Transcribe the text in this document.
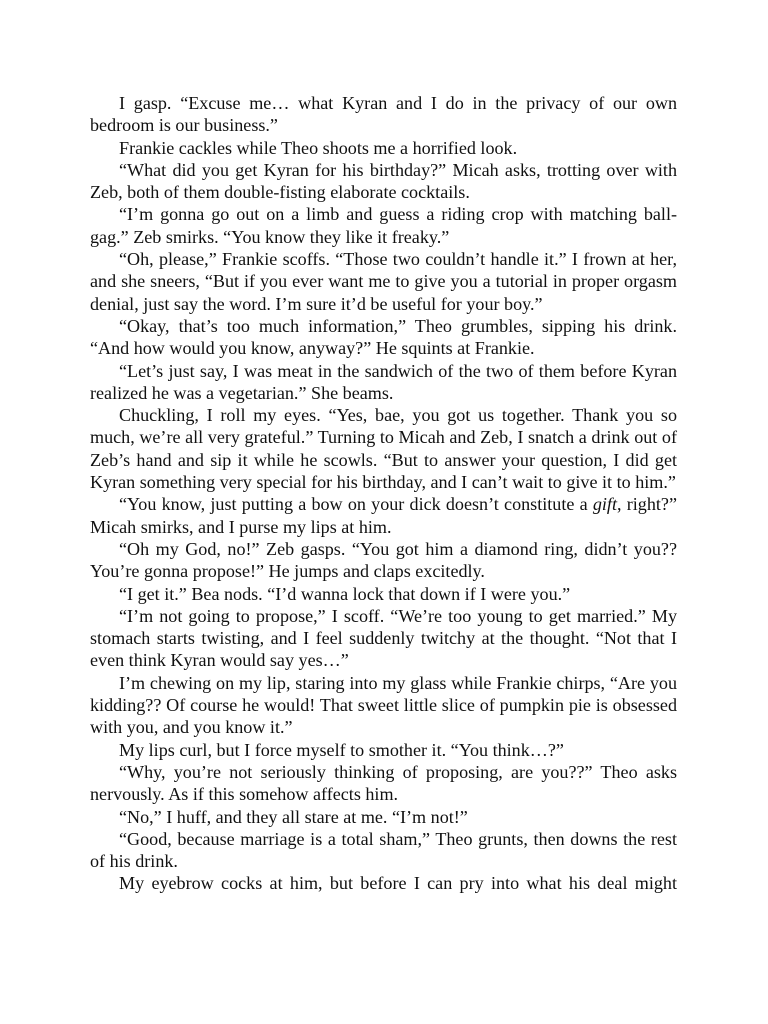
I gasp. “Excuse me… what Kyran and I do in the privacy of our own bedroom is our business.”

Frankie cackles while Theo shoots me a horrified look.

“What did you get Kyran for his birthday?” Micah asks, trotting over with Zeb, both of them double-fisting elaborate cocktails.

“I’m gonna go out on a limb and guess a riding crop with matching ball-gag.” Zeb smirks. “You know they like it freaky.”

“Oh, please,” Frankie scoffs. “Those two couldn’t handle it.” I frown at her, and she sneers, “But if you ever want me to give you a tutorial in proper orgasm denial, just say the word. I’m sure it’d be useful for your boy.”

“Okay, that’s too much information,” Theo grumbles, sipping his drink. “And how would you know, anyway?” He squints at Frankie.

“Let’s just say, I was meat in the sandwich of the two of them before Kyran realized he was a vegetarian.” She beams.

Chuckling, I roll my eyes. “Yes, bae, you got us together. Thank you so much, we’re all very grateful.” Turning to Micah and Zeb, I snatch a drink out of Zeb’s hand and sip it while he scowls. “But to answer your question, I did get Kyran something very special for his birthday, and I can’t wait to give it to him.”

“You know, just putting a bow on your dick doesn’t constitute a gift, right?” Micah smirks, and I purse my lips at him.

“Oh my God, no!” Zeb gasps. “You got him a diamond ring, didn’t you?? You’re gonna propose!” He jumps and claps excitedly.

“I get it.” Bea nods. “I’d wanna lock that down if I were you.”

“I’m not going to propose,” I scoff. “We’re too young to get married.” My stomach starts twisting, and I feel suddenly twitchy at the thought. “Not that I even think Kyran would say yes…”

I’m chewing on my lip, staring into my glass while Frankie chirps, “Are you kidding?? Of course he would! That sweet little slice of pumpkin pie is obsessed with you, and you know it.”

My lips curl, but I force myself to smother it. “You think…?”

“Why, you’re not seriously thinking of proposing, are you??” Theo asks nervously. As if this somehow affects him.

“No,” I huff, and they all stare at me. “I’m not!”

“Good, because marriage is a total sham,” Theo grunts, then downs the rest of his drink.

My eyebrow cocks at him, but before I can pry into what his deal might
